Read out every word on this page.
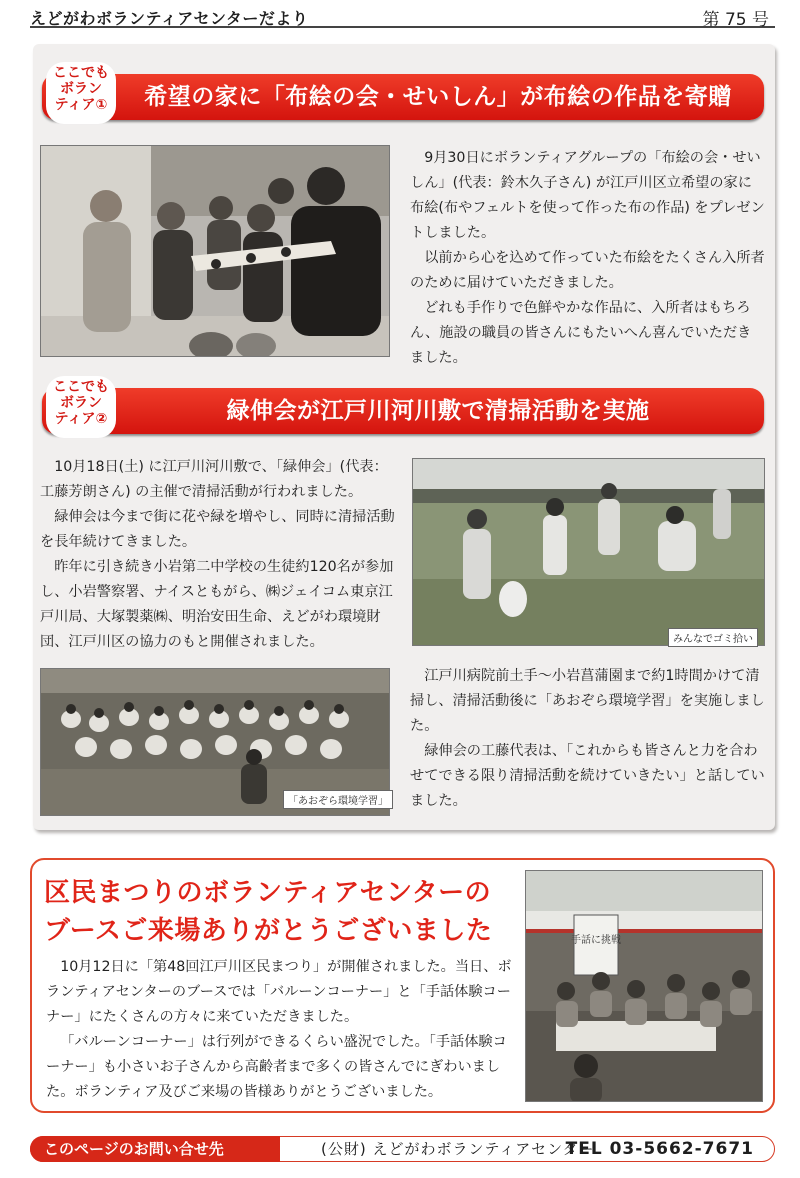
えどがわボランティアセンターだより	第 75 号
希望の家に「布絵の会・せいしん」が布絵の作品を寄贈
ここでも
ボラン
ティア①

9月30日にボランティアグループの「布絵の会・せいしん」(代表：鈴木久子さん) が江戸川区立希望の家に布絵(布やフェルトを使って作った布の作品) をプレゼントしました。

以前から心を込めて作っていた布絵をたくさん入所者のために届けていただきました。

どれも手作りで色鮮やかな作品に、入所者はもちろん、施設の職員の皆さんにもたいへん喜んでいただきました。

緑伸会が江戸川河川敷で清掃活動を実施
ここでも
ボラン
ティア②

10月18日(土) に江戸川河川敷で、「緑伸会」(代表：工藤芳朗さん) の主催で清掃活動が行われました。

緑伸会は今まで街に花や緑を増やし、同時に清掃活動を長年続けてきました。

昨年に引き続き小岩第二中学校の生徒約120名が参加し、小岩警察署、ナイスともがら、㈱ジェイコム東京江戸川局、大塚製薬㈱、明治安田生命、えどがわ環境財団、江戸川区の協力のもと開催されました。	みんなでゴミ拾い
「あおぞら環境学習」

江戸川病院前土手～小岩菖蒲園まで約1時間かけて清掃し、清掃活動後に「あおぞら環境学習」を実施しました。

緑伸会の工藤代表は、「これからも皆さんと力を合わせてできる限り清掃活動を続けていきたい」と話していました。

区民まつりのボランティアセンターの
ブースご来場ありがとうございました

10月12日に「第48回江戸川区民まつり」が開催されました。当日、ボランティアセンターのブースでは「バルーンコーナー」と「手話体験コーナー」にたくさんの方々に来ていただきました。

「バルーンコーナー」は行列ができるくらい盛況でした。「手話体験コーナー」も小さいお子さんから高齢者まで多くの皆さんでにぎわいました。ボランティア及びご来場の皆様ありがとうございました。

手話に挑戦
このページのお問い合せ先	(公財) えどがわボランティアセンター
TEL 03-5662-7671
